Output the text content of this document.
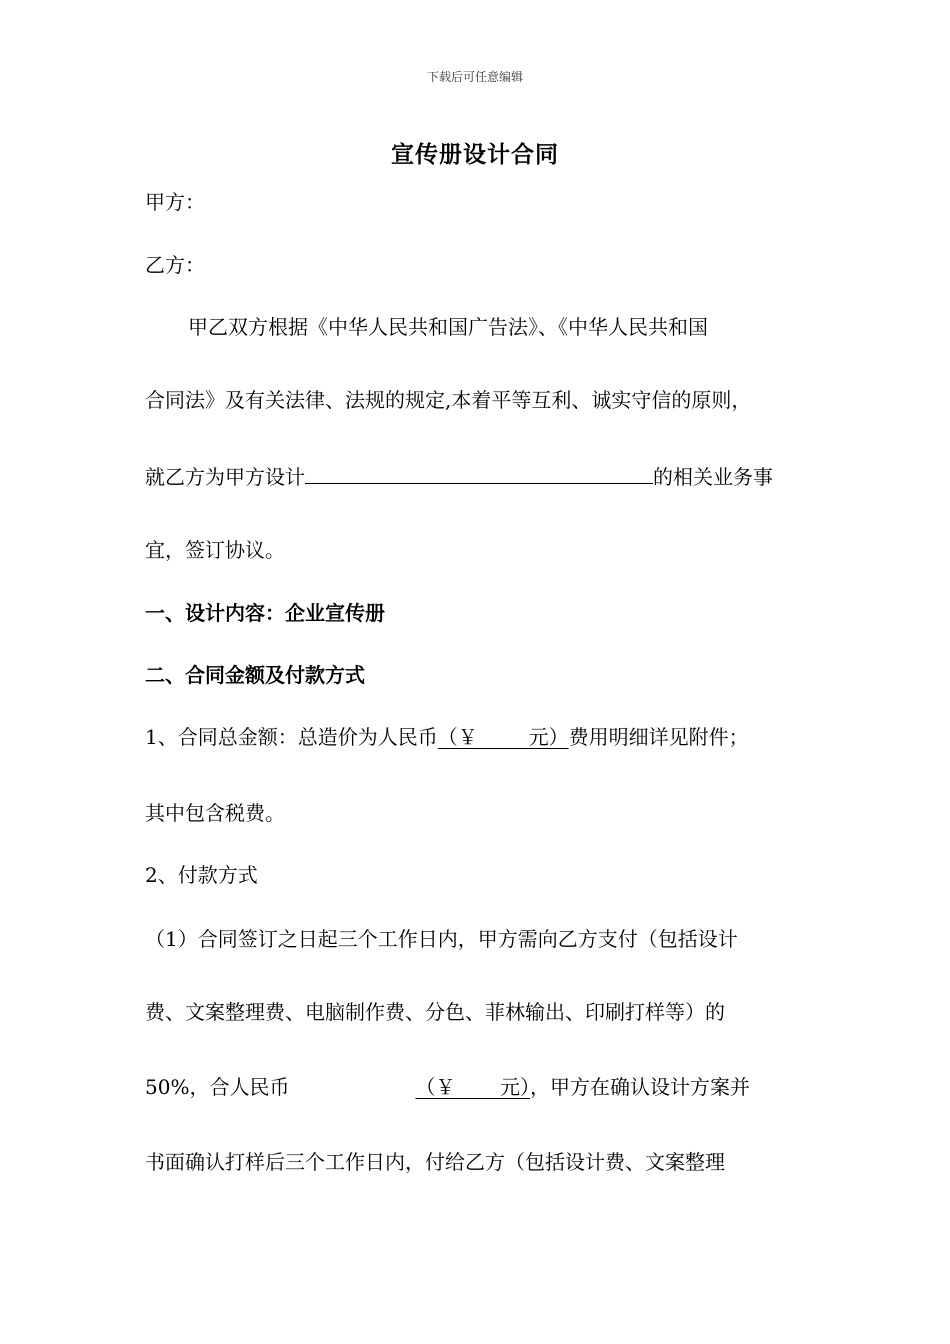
下载后可任意编辑
宣传册设计合同
甲方：
乙方：
甲乙双方根据《中华人民共和国广告法》、《中华人民共和国
合同法》及有关法律、法规的规定,本着平等互利、诚实守信的原则，
就乙方为甲方设计	的相关业务事
宜，签订协议。
一、设计内容：企业宣传册
二、合同金额及付款方式
1、合同总金额：总造价为人民币（￥        元）费用明细详见附件；
其中包含税费。
2、付款方式
（1）合同签订之日起三个工作日内，甲方需向乙方支付（包括设计
费、文案整理费、电脑制作费、分色、菲林输出、印刷打样等）的
50%，合人民币	（￥       元），甲方在确认设计方案并
书面确认打样后三个工作日内，付给乙方（包括设计费、文案整理
